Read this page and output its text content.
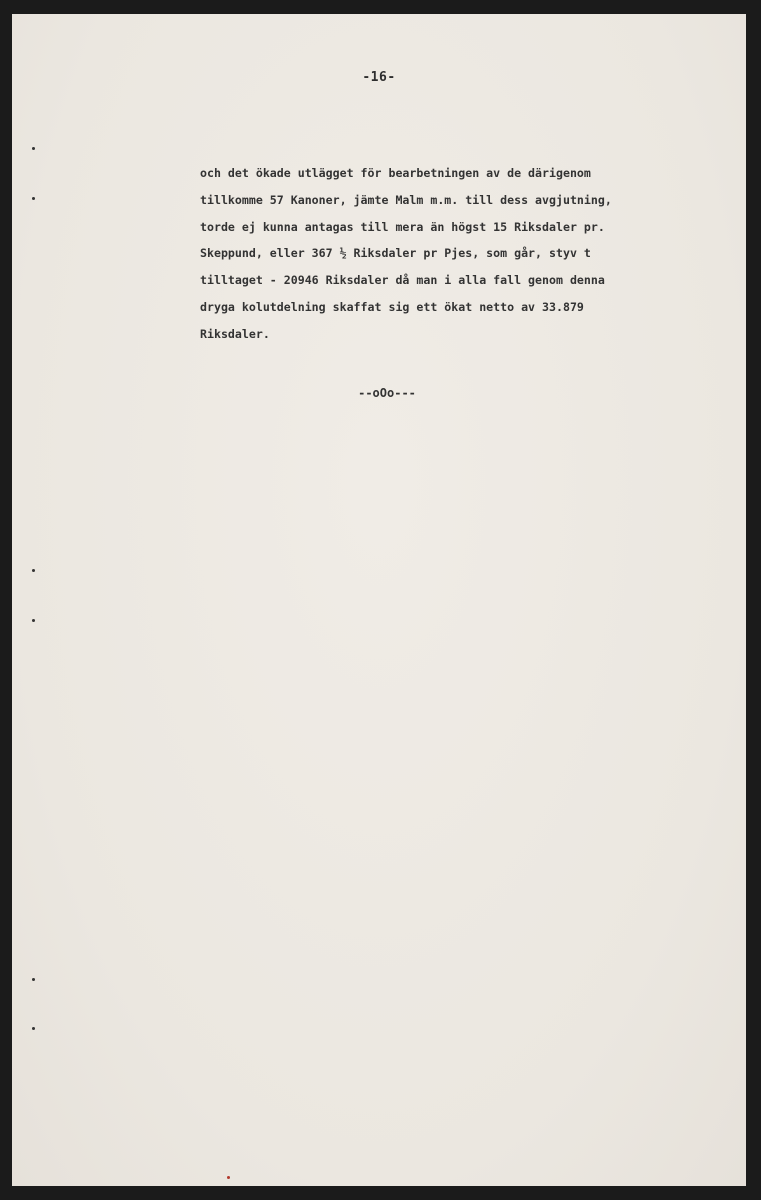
-16-
och det ökade utlägget för bearbetningen av de därigenom
tillkomme 57 Kanoner, jämte Malm m.m. till dess avgjutning,
torde ej kunna antagas till mera än högst 15 Riksdaler pr.
Skeppund, eller 367 ½ Riksdaler pr Pjes, som går, styv t
tilltaget - 20946 Riksdaler då man i alla fall genom denna
dryga kolutdelning skaffat sig ett ökat netto av 33.879
Riksdaler.
--oOo---
